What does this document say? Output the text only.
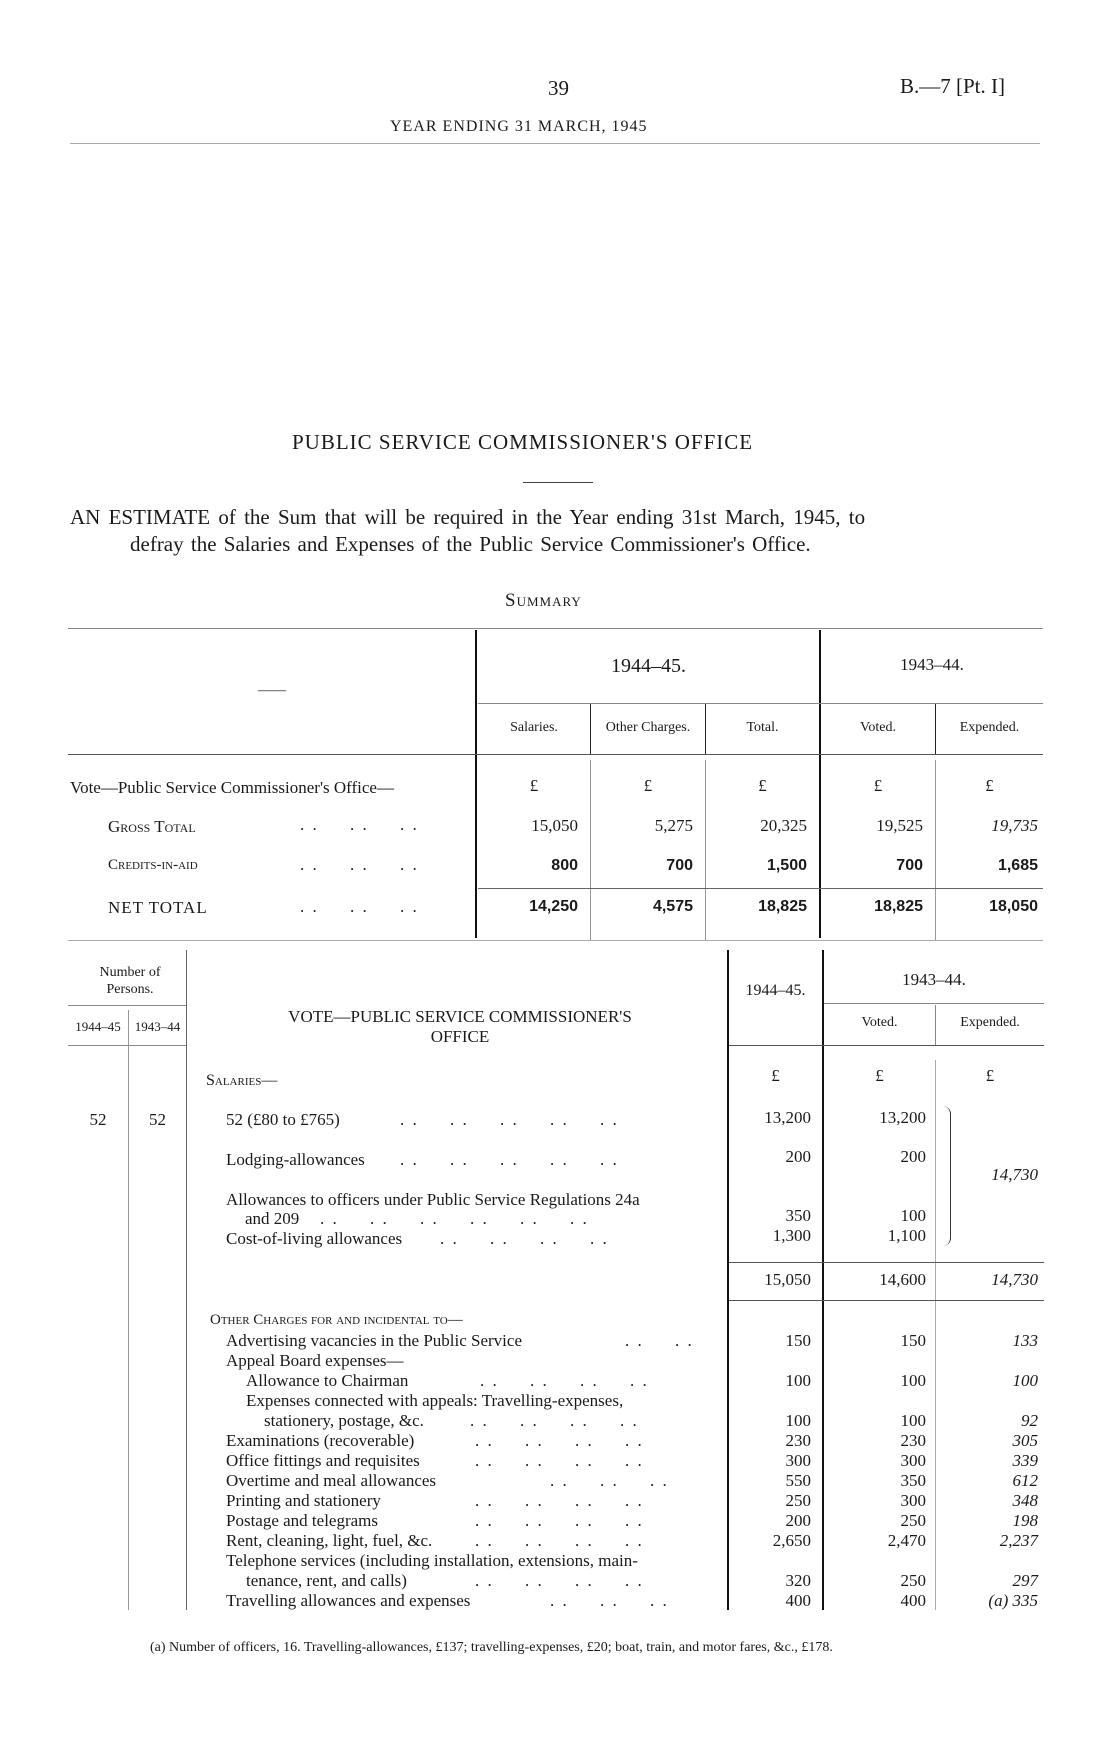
39	B.—7 [Pt. I]
YEAR ENDING 31 MARCH, 1945
PUBLIC SERVICE COMMISSIONER'S OFFICE
AN ESTIMATE of the Sum that will be required in the Year ending 31st March, 1945, to
defray the Salaries and Expenses of the Public Service Commissioner's Office.
Summary
——
1944–45.	1943–44.
Salaries.	Other Charges.	Total.	Voted.	Expended.
Vote—Public Service Commissioner's Office—	£	£	£	£	£
Gross Total	. .     . .     . .	15,050	5,275	20,325	19,525	19,735
Credits-in-aid	. .     . .     . .	800	700	1,500	700	1,685
NET TOTAL	. .     . .     . .	14,250	4,575	18,825	18,825	18,050
Number of Persons.
1944–45	1943–44
VOTE—PUBLIC SERVICE COMMISSIONER'S
OFFICE
1944–45.
1943–44.
Voted.	Expended.
Salaries—	£	£	£
52	52	52 (£80 to £765)	. .     . .     . .     . .     . .	13,200	13,200
Lodging-allowances	. .     . .     . .     . .     . .	200	200
Allowances to officers under Public Service Regulations 24a
and 209	. .     . .     . .     . .     . .     . .	350	100
Cost-of-living allowances	. .     . .     . .     . .	1,300	1,100
14,730
15,050	14,600	14,730
Other Charges for and incidental to—
Advertising vacancies in the Public Service	. .     . .	150	150	133
Appeal Board expenses—
Allowance to Chairman	. .     . .     . .     . .	100	100	100
Expenses connected with appeals: Travelling-expenses,
stationery, postage, &c.	. .     . .     . .     . .	100	100	92
Examinations (recoverable)	. .     . .     . .     . .	230	230	305
Office fittings and requisites	. .     . .     . .     . .	300	300	339
Overtime and meal allowances	. .     . .     . .	550	350	612
Printing and stationery	. .     . .     . .     . .	250	300	348
Postage and telegrams	. .     . .     . .     . .	200	250	198
Rent, cleaning, light, fuel, &c.	. .     . .     . .     . .	2,650	2,470	2,237
Telephone services (including installation, extensions, main-
tenance, rent, and calls)	. .     . .     . .     . .	320	250	297
Travelling allowances and expenses	. .     . .     . .	400	400	(a) 335
(a) Number of officers, 16. Travelling-allowances, £137; travelling-expenses, £20; boat, train, and motor fares, &c., £178.
